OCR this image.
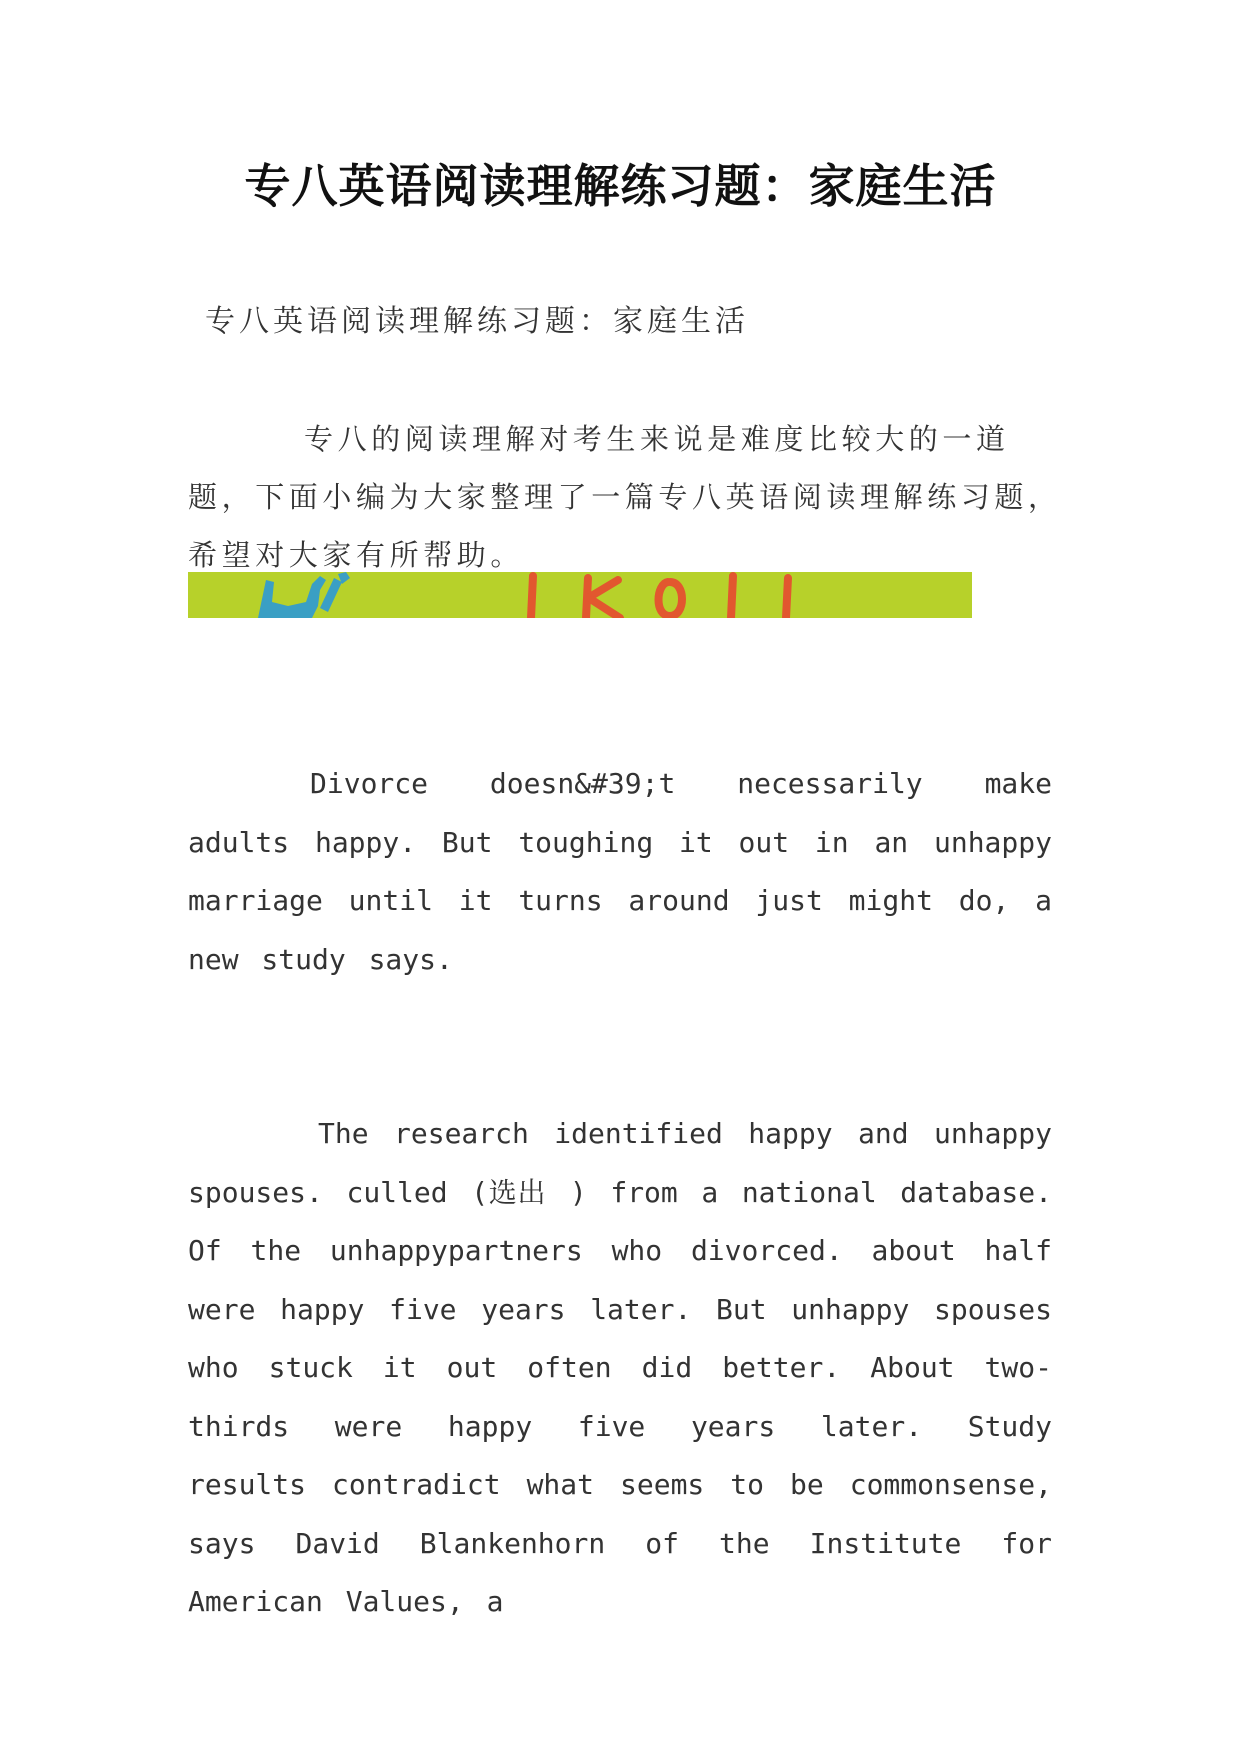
专八英语阅读理解练习题：家庭生活

专八英语阅读理解练习题：家庭生活

专八的阅读理解对考生来说是难度比较大的一道题，下面小编为大家整理了一篇专八英语阅读理解练习题，希望对大家有所帮助。

Divorce doesn&#39;t necessarily make adults happy. But toughing it out in an unhappy marriage until it turns around just might do, a new study says.

The research identified happy and unhappy spouses. culled (选出 ) from a national database. Of the unhappypartners who divorced. about half were happy five years later. But unhappy spouses who stuck it out often did better. About two-thirds were happy five years later. Study results contradict what seems to be commonsense, says David Blankenhorn of the Institute for American Values, a
